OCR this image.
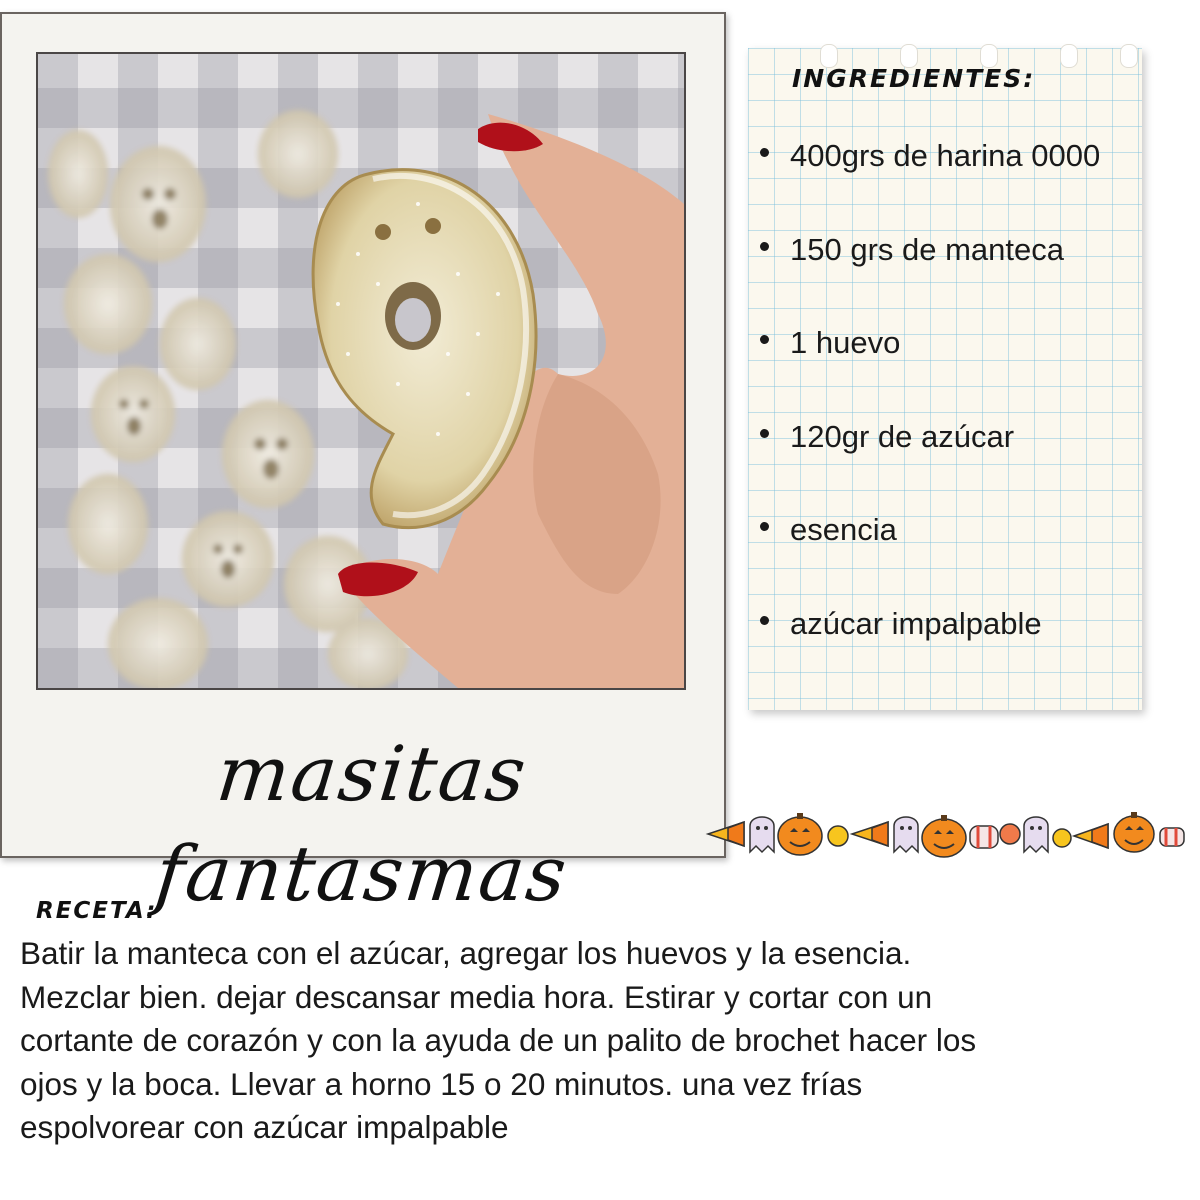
masitas fantasmas
INGREDIENTES:
400grs de harina 0000
150 grs de manteca
1 huevo
120gr de azúcar
esencia
azúcar impalpable
RECETA:
Batir la manteca con el azúcar, agregar los huevos y la esencia.
Mezclar bien. dejar descansar media hora. Estirar y cortar con un
cortante de corazón y con la ayuda de un palito de brochet hacer los
ojos y la boca. Llevar a horno 15 o 20 minutos. una vez frías
espolvorear con azúcar impalpable
